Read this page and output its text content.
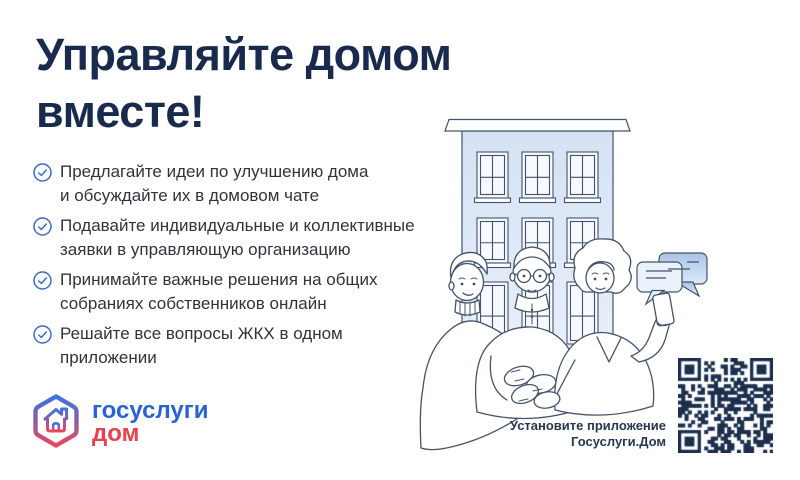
Управляйте домом
вместе!
Предлагайте идеи по улучшению дома
и обсуждайте их в домовом чате
Подавайте индивидуальные и коллективные
заявки в управляющую организацию
Принимайте важные решения на общих
собраниях собственников онлайн
Решайте все вопросы ЖКХ в одном
приложении
госуслуги
дом	Установите приложение
Госуслуги.Дом
